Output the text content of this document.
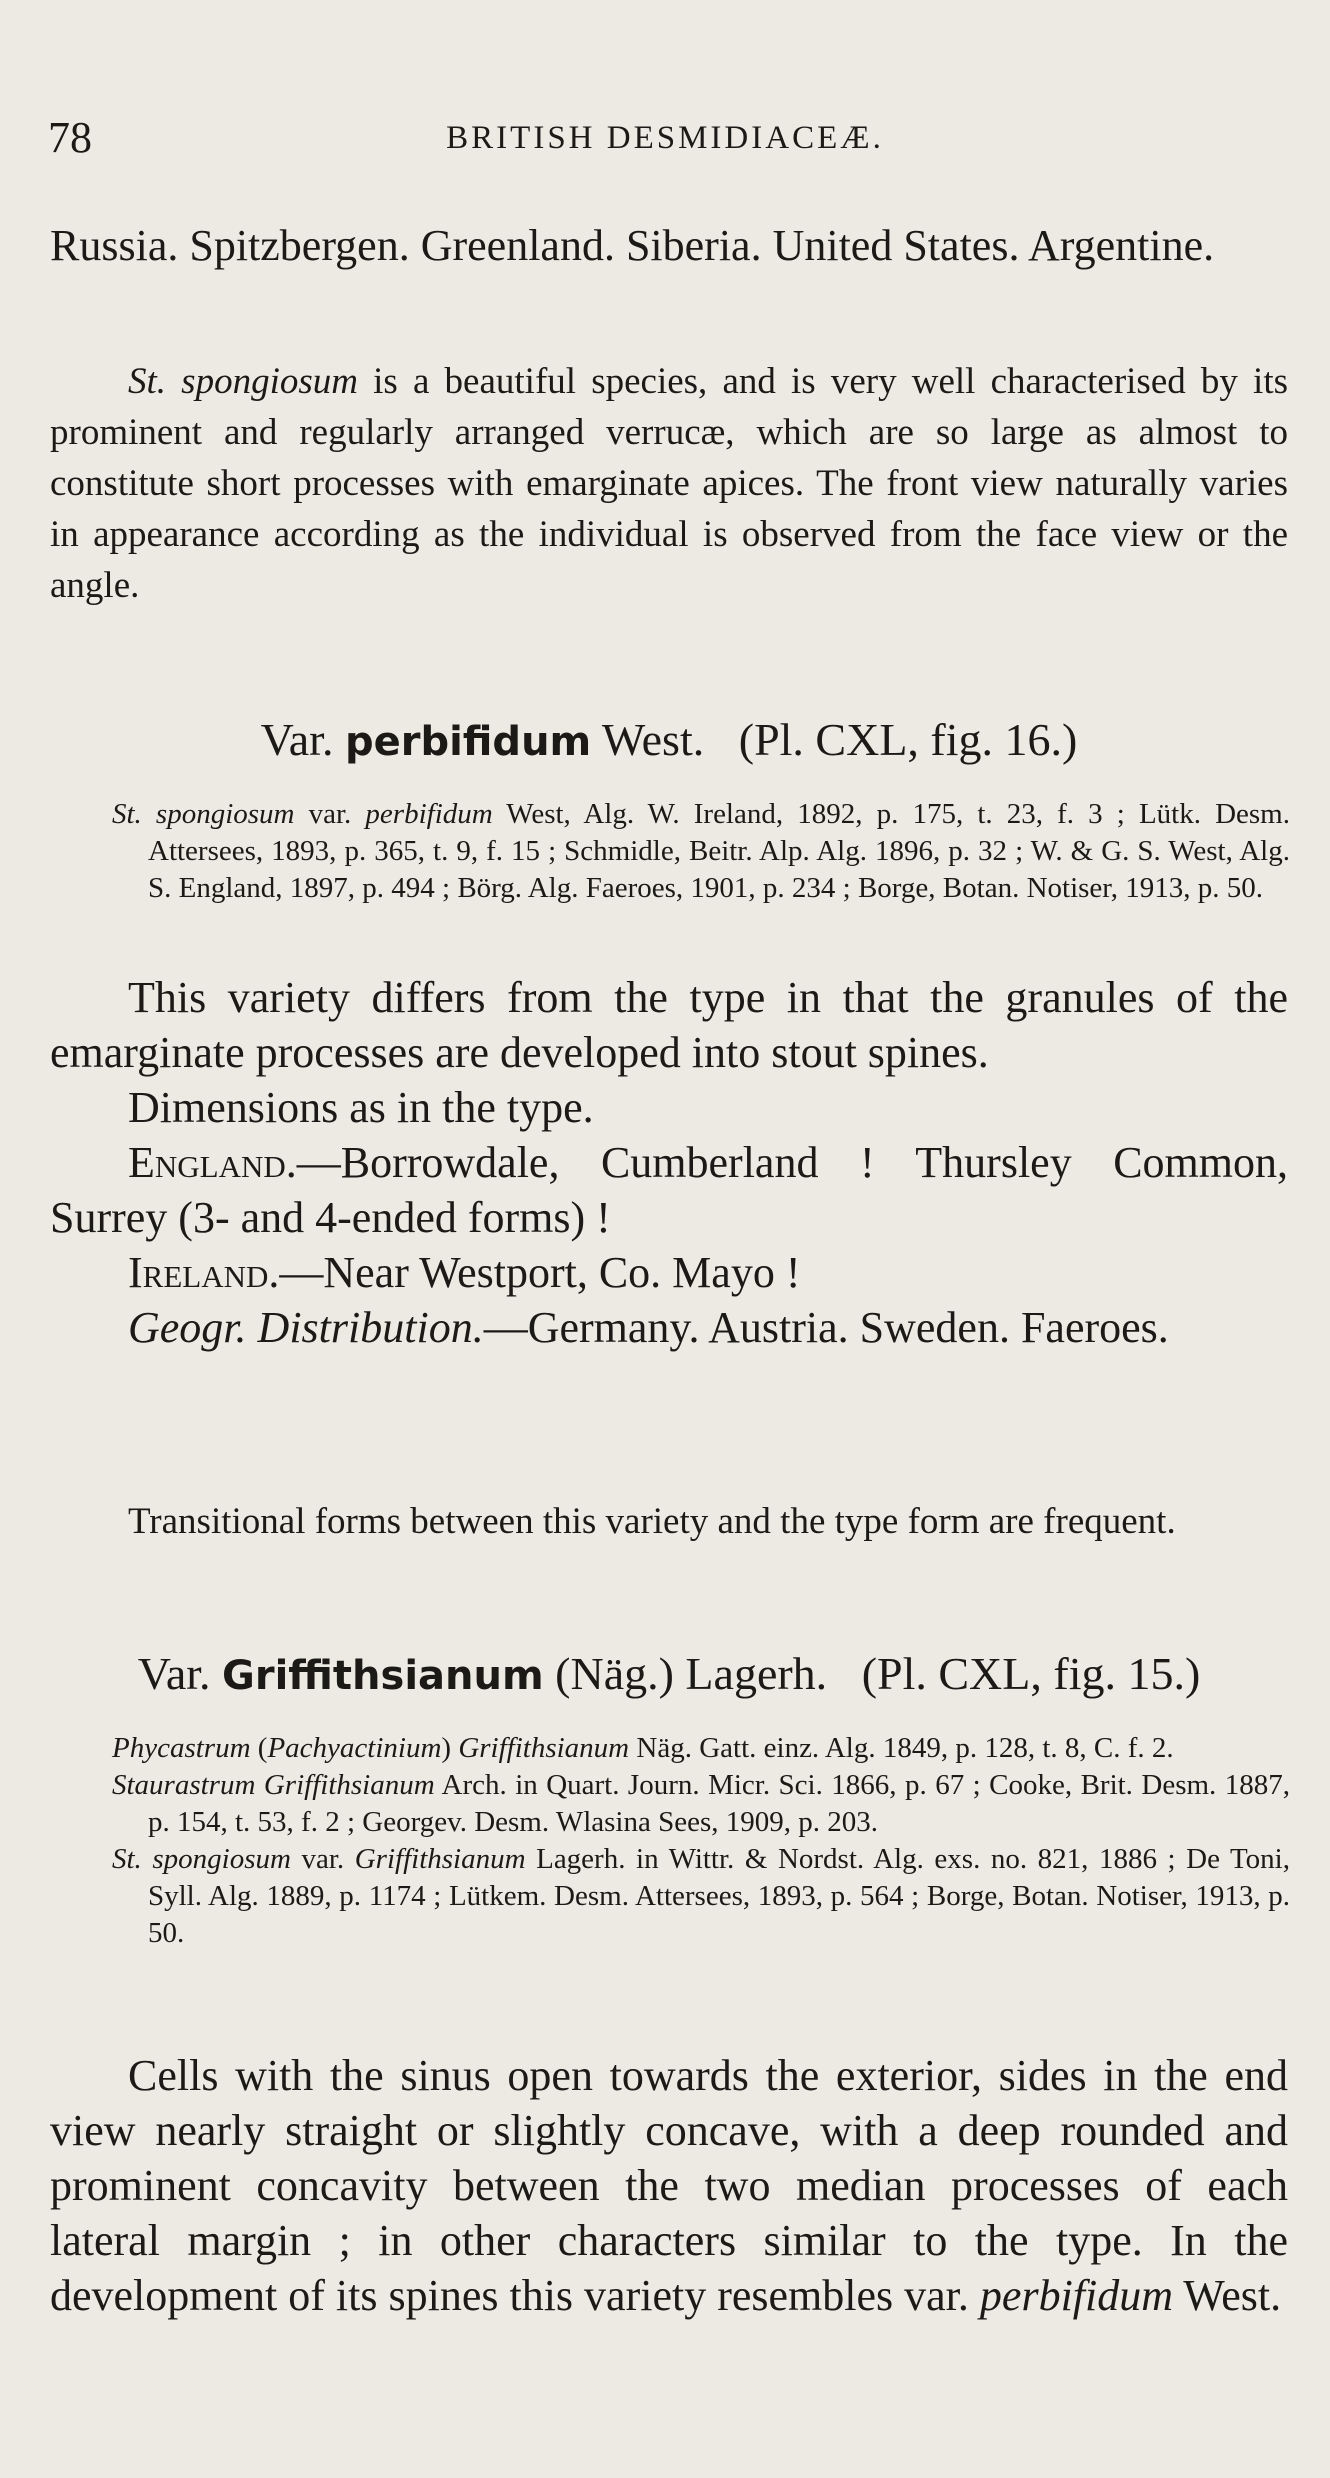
78	BRITISH DESMIDIACEÆ.

Russia. Spitzbergen. Greenland. Siberia. United States. Argentine.

St. spongiosum is a beautiful species, and is very well characterised by its prominent and regularly arranged verrucæ, which are so large as almost to constitute short processes with emarginate apices. The front view naturally varies in appearance according as the individual is observed from the face view or the angle.

Var. perbifidum West. (Pl. CXL, fig. 16.)

St. spongiosum var. perbifidum West, Alg. W. Ireland, 1892, p. 175, t. 23, f. 3 ; Lütk. Desm. Attersees, 1893, p. 365, t. 9, f. 15 ; Schmidle, Beitr. Alp. Alg. 1896, p. 32 ; W. & G. S. West, Alg. S. England, 1897, p. 494 ; Börg. Alg. Faeroes, 1901, p. 234 ; Borge, Botan. Notiser, 1913, p. 50.

This variety differs from the type in that the granules of the emarginate processes are developed into stout spines.

Dimensions as in the type.

England.—Borrowdale, Cumberland ! Thursley Common, Surrey (3- and 4-ended forms) !

Ireland.—Near Westport, Co. Mayo !

Geogr. Distribution.—Germany. Austria. Sweden. Faeroes.

Transitional forms between this variety and the type form are frequent.

Var. Griffithsianum (Näg.) Lagerh. (Pl. CXL, fig. 15.)

Phycastrum (Pachyactinium) Griffithsianum Näg. Gatt. einz. Alg. 1849, p. 128, t. 8, C. f. 2.

Staurastrum Griffithsianum Arch. in Quart. Journ. Micr. Sci. 1866, p. 67 ; Cooke, Brit. Desm. 1887, p. 154, t. 53, f. 2 ; Georgev. Desm. Wlasina Sees, 1909, p. 203.

St. spongiosum var. Griffithsianum Lagerh. in Wittr. & Nordst. Alg. exs. no. 821, 1886 ; De Toni, Syll. Alg. 1889, p. 1174 ; Lütkem. Desm. Attersees, 1893, p. 564 ; Borge, Botan. Notiser, 1913, p. 50.

Cells with the sinus open towards the exterior, sides in the end view nearly straight or slightly concave, with a deep rounded and prominent concavity between the two median processes of each lateral margin ; in other characters similar to the type. In the development of its spines this variety resembles var. perbifidum West.
